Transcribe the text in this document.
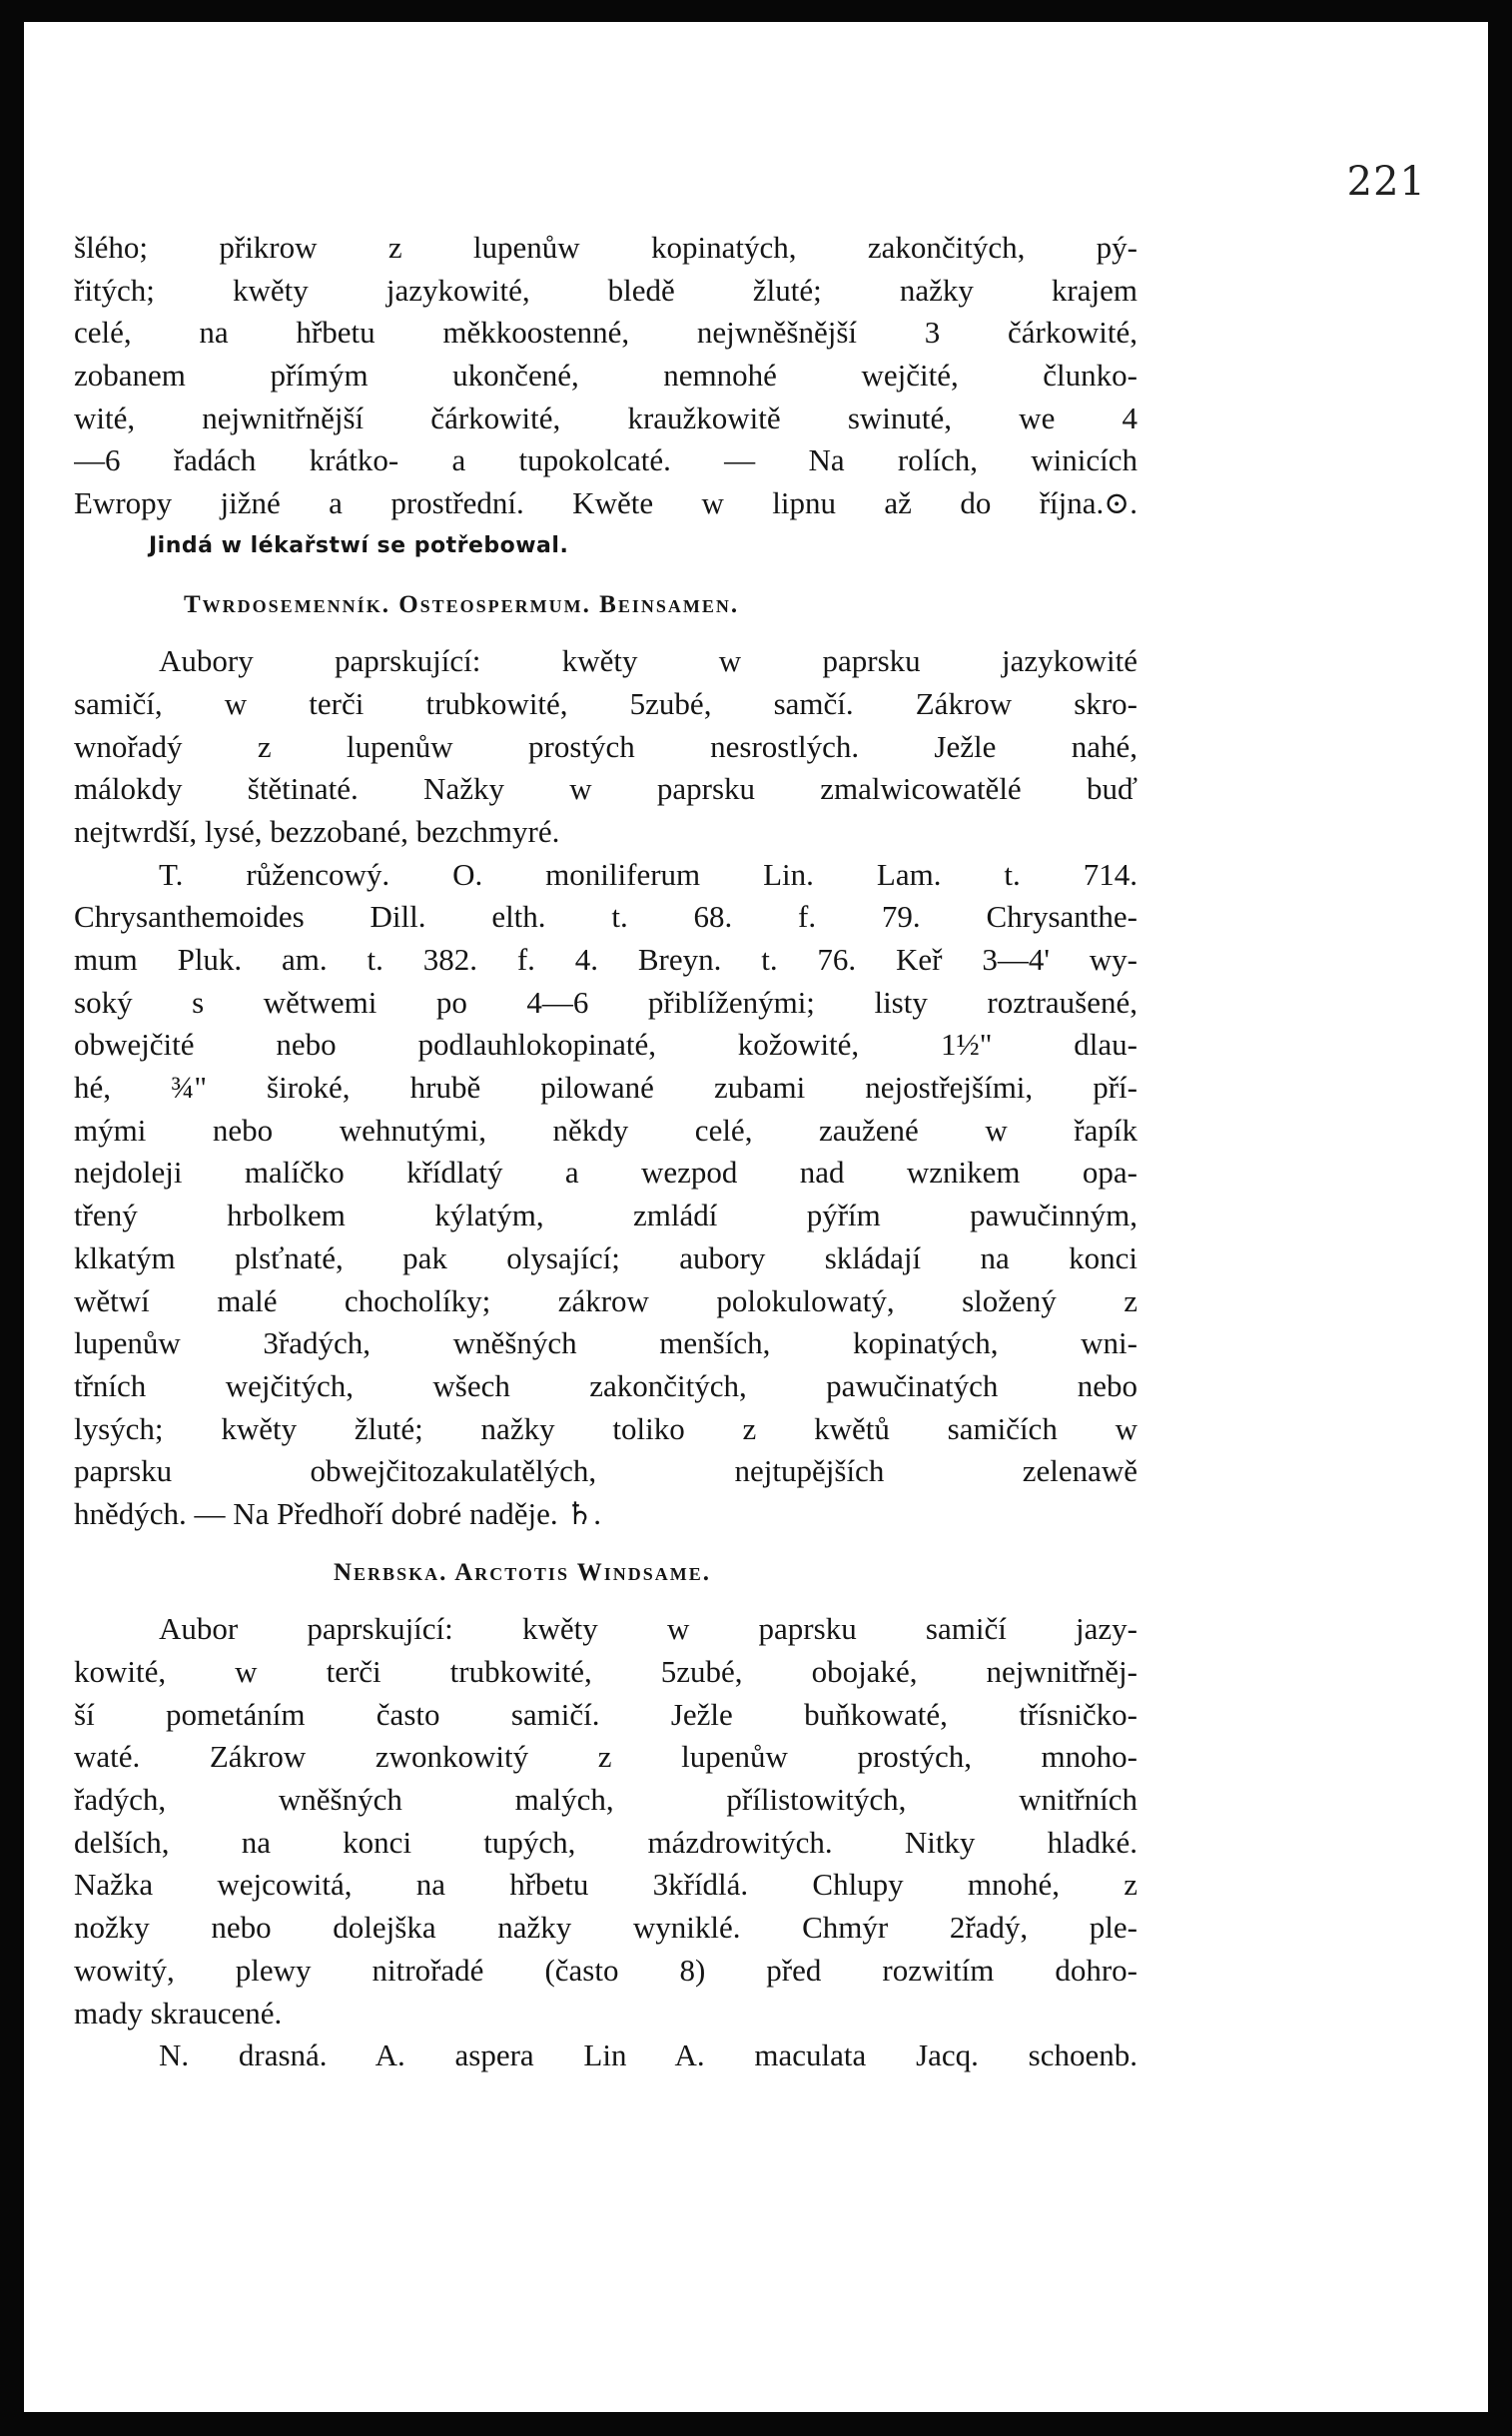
221
šlého; přikrow z lupenůw kopinatých, zakončitých, pý-
řitých; kwěty jazykowité, bledě žluté; nažky krajem
celé, na hřbetu měkkoostenné, nejwněšnější 3 čárkowité,
zobanem přímým ukončené, nemnohé wejčité, člunko-
wité, nejwnitřnější čárkowité, kraužkowitě swinuté, we 4
—6 řadách krátko- a tupokolcaté. — Na rolích, winicích
Ewropy jižné a prostřední. Kwěte w lipnu až do října.⊙.
Jindá w lékařstwí se potřebowal.
Twrdosemenník. Osteospermum. Beinsamen.
Aubory paprskující: kwěty w paprsku jazykowité
samičí, w terči trubkowité, 5zubé, samčí. Zákrow skro-
wnořadý z lupenůw prostých nesrostlých. Ježle nahé,
málokdy štětinaté. Nažky w paprsku zmalwicowatělé buď
nejtwrdší, lysé, bezzobané, bezchmyré.
T. růžencowý. O. moniliferum Lin. Lam. t. 714.
Chrysanthemoides Dill. elth. t. 68. f. 79. Chrysanthe-
mum Pluk. am. t. 382. f. 4. Breyn. t. 76. Keř 3—4' wy-
soký s wětwemi po 4—6 přiblíženými; listy roztraušené,
obwejčité nebo podlauhlokopinaté, kožowité, 1½" dlau-
hé, ¾" široké, hrubě pilowané zubami nejostřejšími, pří-
mými nebo wehnutými, někdy celé, zaužené w řapík
nejdoleji malíčko křídlatý a wezpod nad wznikem opa-
třený hrbolkem kýlatým, zmládí pýřím pawučinným,
klkatým plsťnaté, pak olysající; aubory skládají na konci
wětwí malé chocholíky; zákrow polokulowatý, složený z
lupenůw 3řadých, wněšných menších, kopinatých, wni-
třních wejčitých, wšech zakončitých, pawučinatých nebo
lysých; kwěty žluté; nažky toliko z kwětů samičích w
paprsku obwejčitozakulatělých, nejtupějších zelenawě
hnědých. — Na Předhoří dobré naděje. ♄.
Nerbska. Arctotis Windsame.
Aubor paprskující: kwěty w paprsku samičí jazy-
kowité, w terči trubkowité, 5zubé, obojaké, nejwnitřněj-
ší pometáním často samičí. Ježle buňkowaté, třísničko-
waté. Zákrow zwonkowitý z lupenůw prostých, mnoho-
řadých, wněšných malých, přílistowitých, wnitřních
delších, na konci tupých, mázdrowitých. Nitky hladké.
Nažka wejcowitá, na hřbetu 3křídlá. Chlupy mnohé, z
nožky nebo dolejška nažky wyniklé. Chmýr 2řadý, ple-
wowitý, plewy nitrořadé (často 8) před rozwitím dohro-
mady skraucené.
N. drasná. A. aspera Lin A. maculata Jacq. schoenb.
